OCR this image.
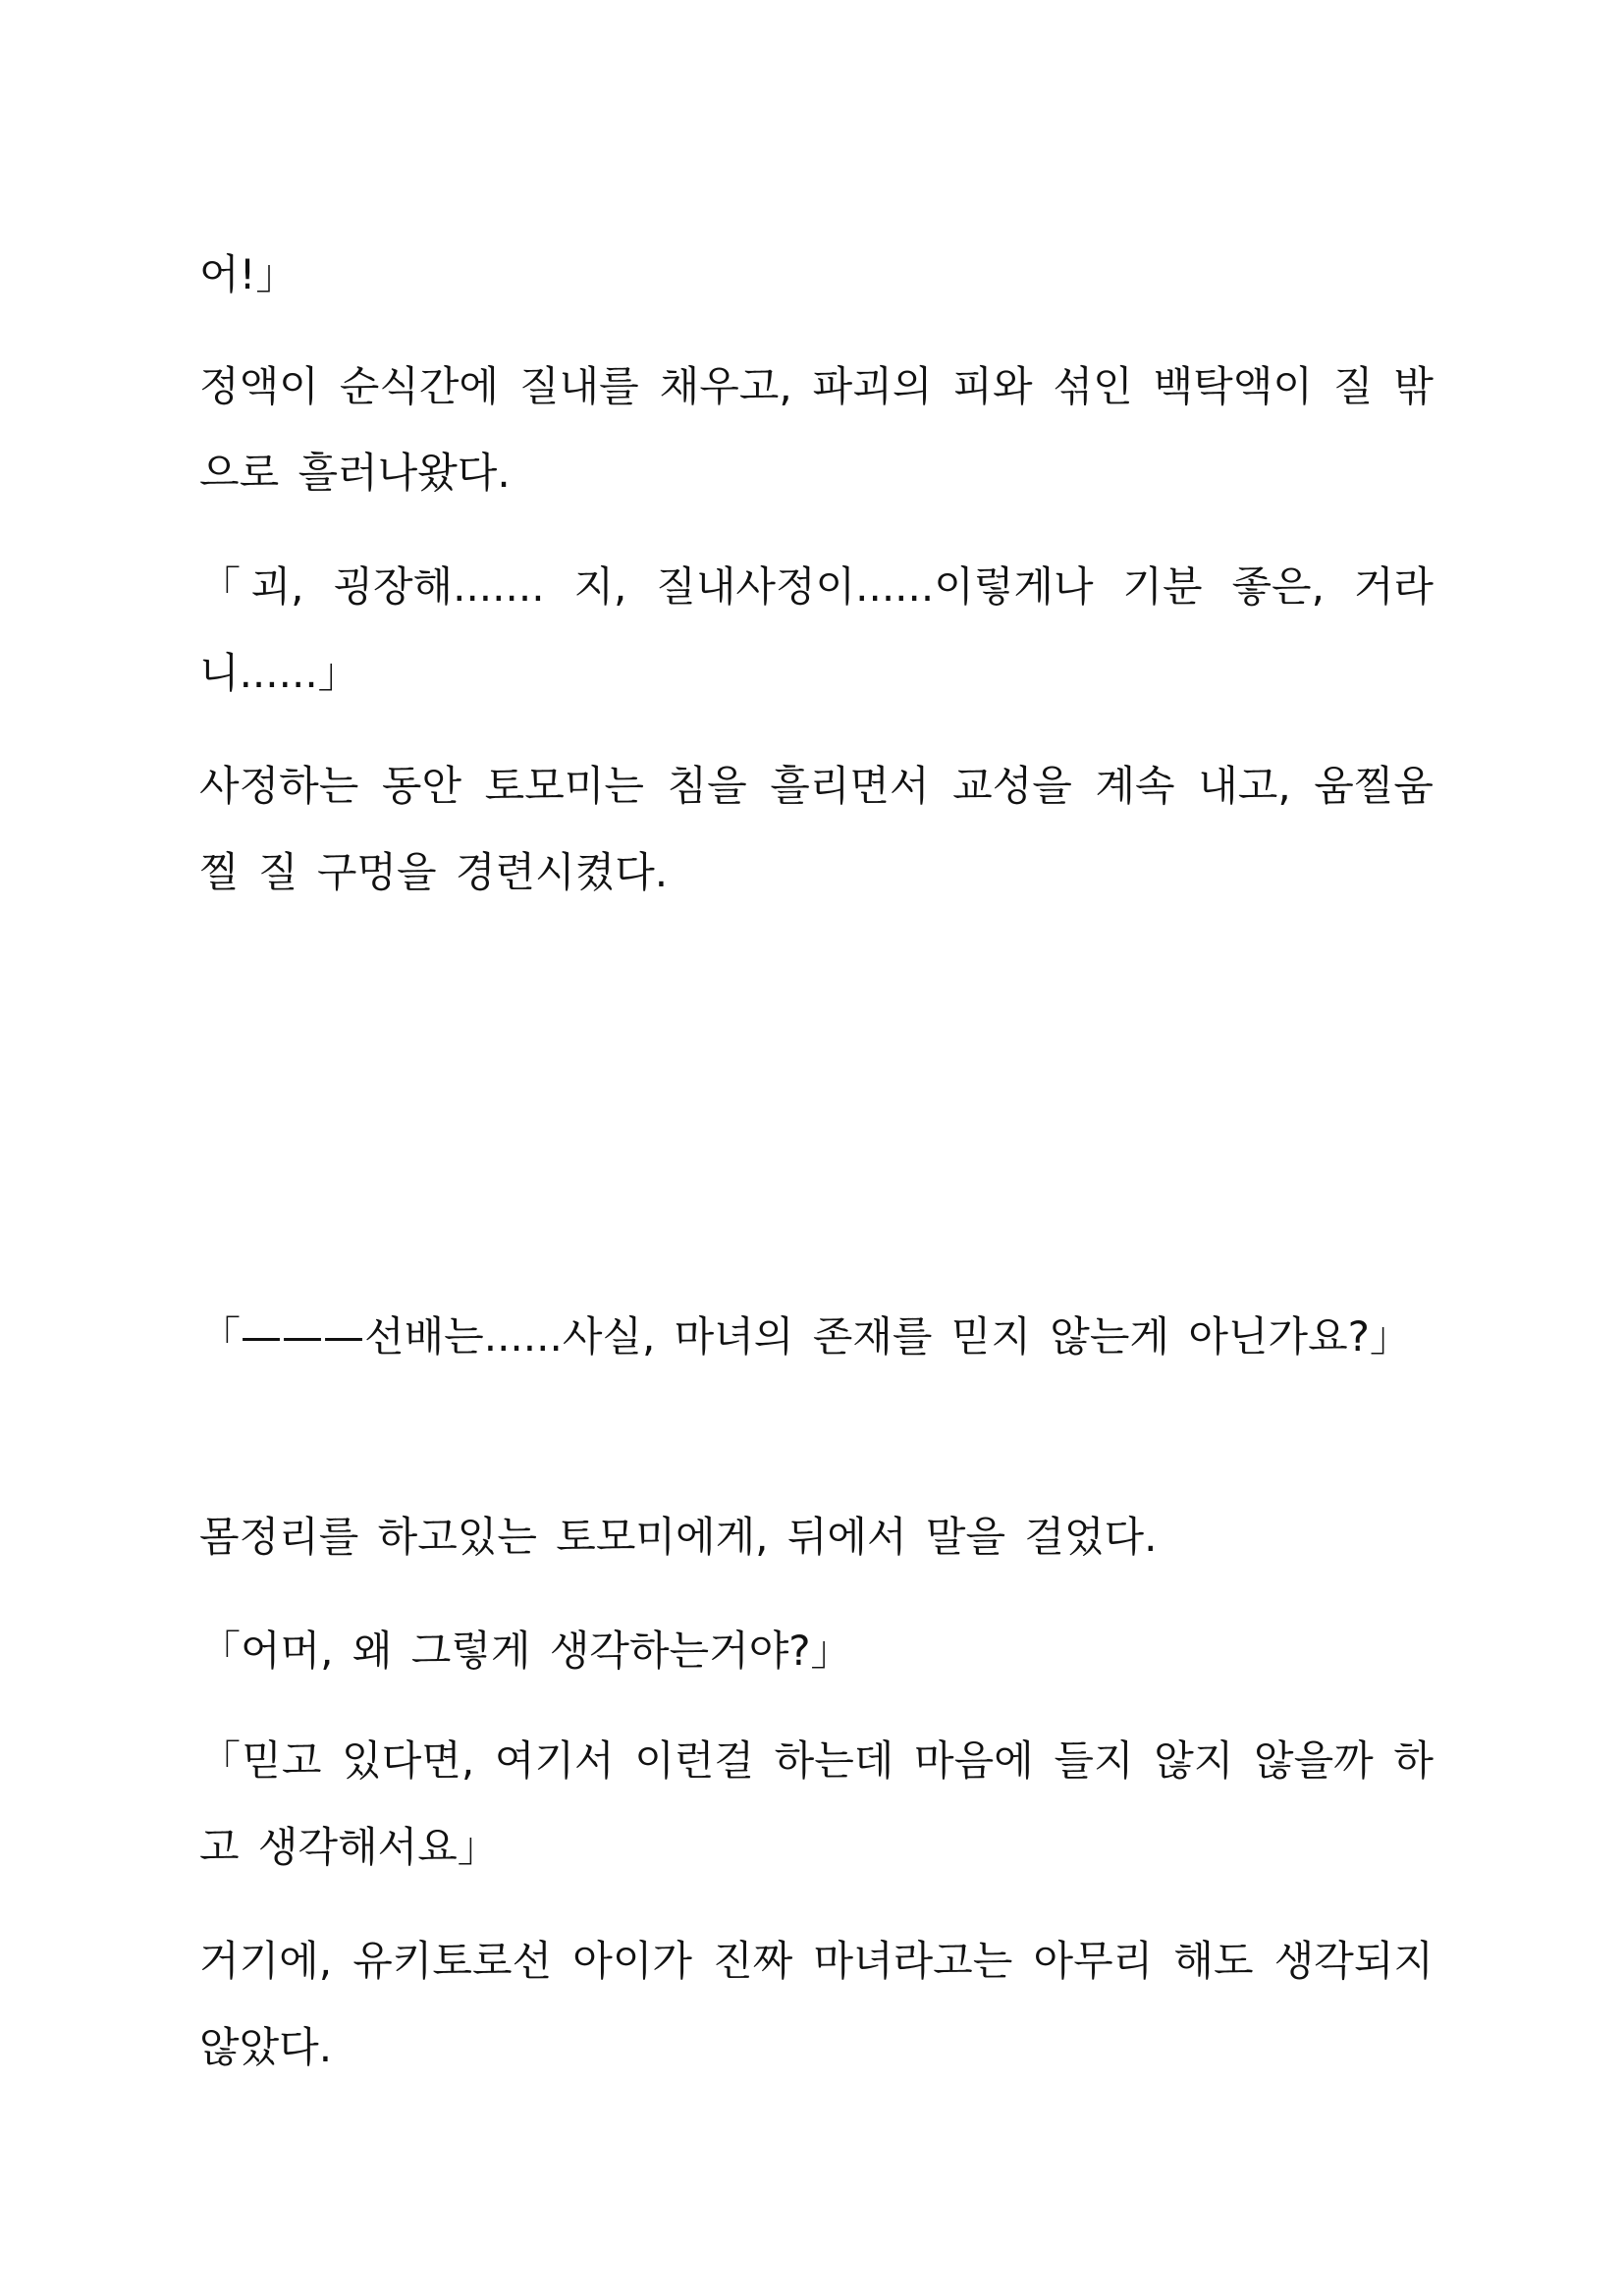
어!」

정액이 순식간에 질내를 채우고, 파괴의 피와 섞인 백탁액이 질 밖으로 흘러나왔다.

「괴, 굉장해....... 지, 질내사정이......이렇게나 기분 좋은, 거라니......」

사정하는 동안 토모미는 침을 흘리면서 교성을 계속 내고, 움찔움찔 질 구멍을 경련시켰다.

「———선배는......사실, 마녀의 존재를 믿지 않는게 아닌가요?」

몸정리를 하고있는 토모미에게, 뒤에서 말을 걸었다.

「어머, 왜 그렇게 생각하는거야?」

「믿고 있다면, 여기서 이런걸 하는데 마음에 들지 않지 않을까 하고 생각해서요」

거기에, 유키토로선 아이가 진짜 마녀라고는 아무리 해도 생각되지 않았다.
